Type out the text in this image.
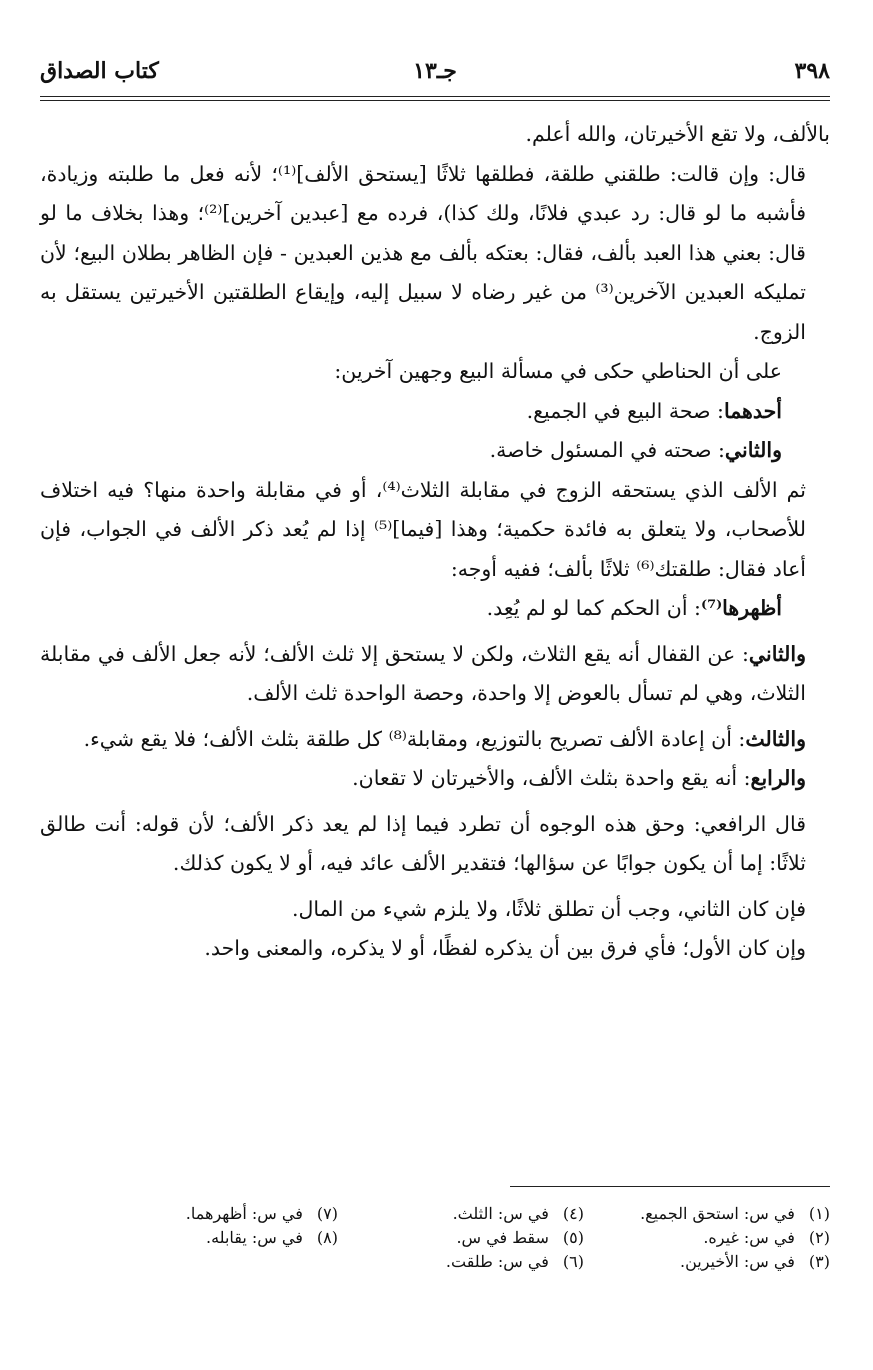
٣٩٨
جـ١٣
كتاب الصداق

بالألف، ولا تقع الأخيرتان، والله أعلم.

قال: وإن قالت: طلقني طلقة، فطلقها ثلاثًا [يستحق الألف]⁽¹⁾؛ لأنه فعل ما طلبته وزيادة، فأشبه ما لو قال: رد عبدي فلانًا، ولك كذا)، فرده مع [عبدين آخرين]⁽²⁾؛ وهذا بخلاف ما لو قال: بعني هذا العبد بألف، فقال: بعتكه بألف مع هذين العبدين - فإن الظاهر بطلان البيع؛ لأن تمليكه العبدين الآخرين⁽³⁾ من غير رضاه لا سبيل إليه، وإيقاع الطلقتين الأخيرتين يستقل به الزوج.

على أن الحناطي حكى في مسألة البيع وجهين آخرين:

أحدهما: صحة البيع في الجميع.

والثاني: صحته في المسئول خاصة.

ثم الألف الذي يستحقه الزوج في مقابلة الثلاث⁽⁴⁾، أو في مقابلة واحدة منها؟ فيه اختلاف للأصحاب، ولا يتعلق به فائدة حكمية؛ وهذا [فيما]⁽⁵⁾ إذا لم يُعد ذكر الألف في الجواب، فإن أعاد فقال: طلقتك⁽⁶⁾ ثلاثًا بألف؛ ففيه أوجه:

أظهرها⁽⁷⁾: أن الحكم كما لو لم يُعِد.

والثاني: عن القفال أنه يقع الثلاث، ولكن لا يستحق إلا ثلث الألف؛ لأنه جعل الألف في مقابلة الثلاث، وهي لم تسأل بالعوض إلا واحدة، وحصة الواحدة ثلث الألف.

والثالث: أن إعادة الألف تصريح بالتوزيع، ومقابلة⁽⁸⁾ كل طلقة بثلث الألف؛ فلا يقع شيء.

والرابع: أنه يقع واحدة بثلث الألف، والأخيرتان لا تقعان.

قال الرافعي: وحق هذه الوجوه أن تطرد فيما إذا لم يعد ذكر الألف؛ لأن قوله: أنت طالق ثلاثًا: إما أن يكون جوابًا عن سؤالها؛ فتقدير الألف عائد فيه، أو لا يكون كذلك.

فإن كان الثاني، وجب أن تطلق ثلاثًا، ولا يلزم شيء من المال.

وإن كان الأول؛ فأي فرق بين أن يذكره لفظًا، أو لا يذكره، والمعنى واحد.

(١) في س: استحق الجميع.
(٢) في س: غيره.
(٣) في س: الأخيرين.
(٤) في س: الثلث.
(٥) سقط في س.
(٦) في س: طلقت.
(٧) في س: أظهرهما.
(٨) في س: يقابله.
